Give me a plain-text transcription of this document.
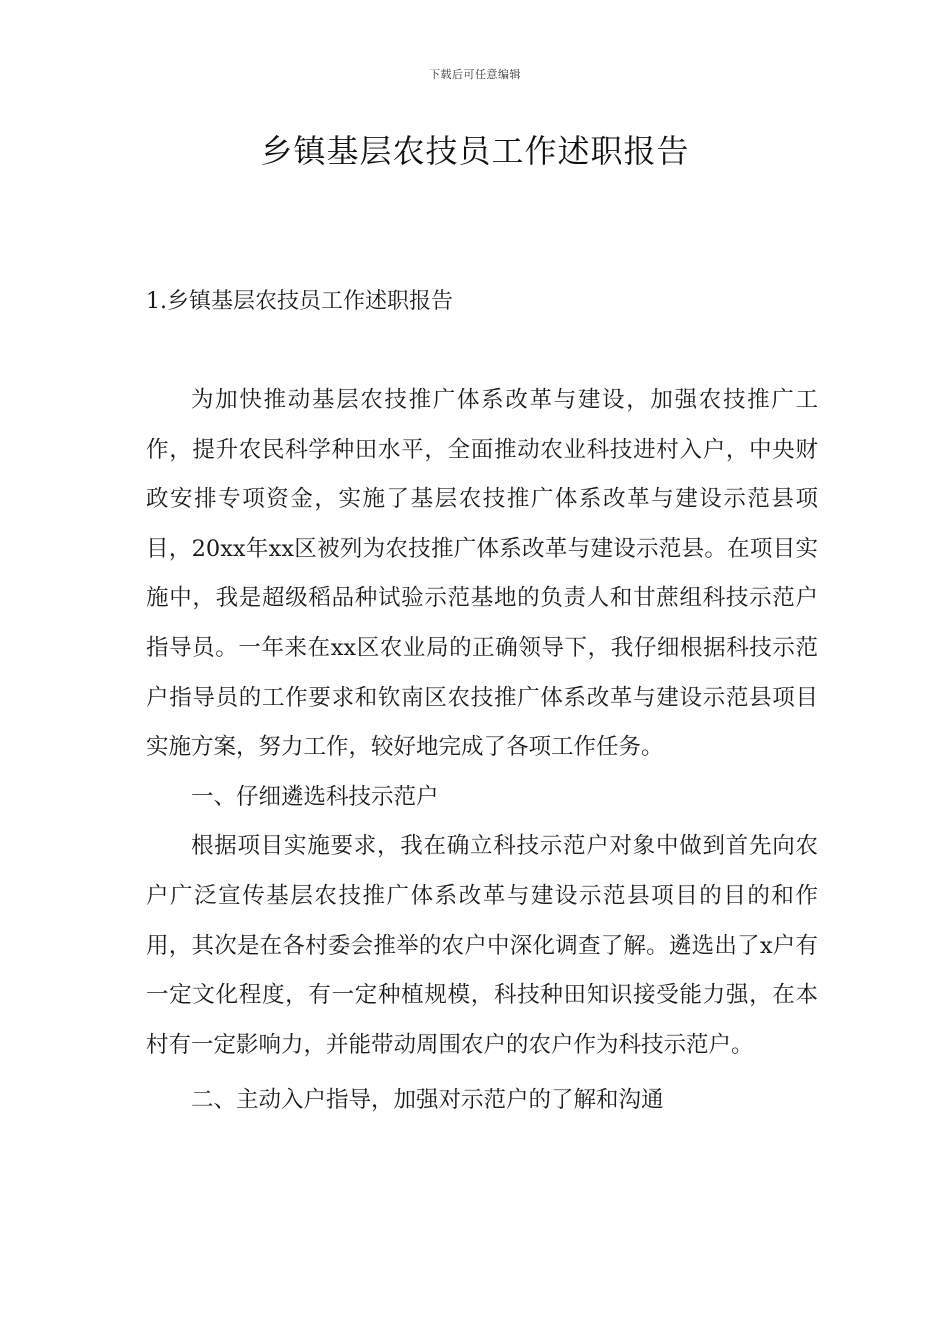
下载后可任意编辑
乡镇基层农技员工作述职报告
1.乡镇基层农技员工作述职报告

为加快推动基层农技推广体系改革与建设，加强农技推广工作，提升农民科学种田水平，全面推动农业科技进村入户，中央财政安排专项资金，实施了基层农技推广体系改革与建设示范县项目，20xx年xx区被列为农技推广体系改革与建设示范县。在项目实施中，我是超级稻品种试验示范基地的负责人和甘蔗组科技示范户指导员。一年来在xx区农业局的正确领导下，我仔细根据科技示范户指导员的工作要求和钦南区农技推广体系改革与建设示范县项目实施方案，努力工作，较好地完成了各项工作任务。

一、仔细遴选科技示范户

根据项目实施要求，我在确立科技示范户对象中做到首先向农户广泛宣传基层农技推广体系改革与建设示范县项目的目的和作用，其次是在各村委会推举的农户中深化调查了解。遴选出了x户有一定文化程度，有一定种植规模，科技种田知识接受能力强，在本村有一定影响力，并能带动周围农户的农户作为科技示范户。

二、主动入户指导，加强对示范户的了解和沟通
